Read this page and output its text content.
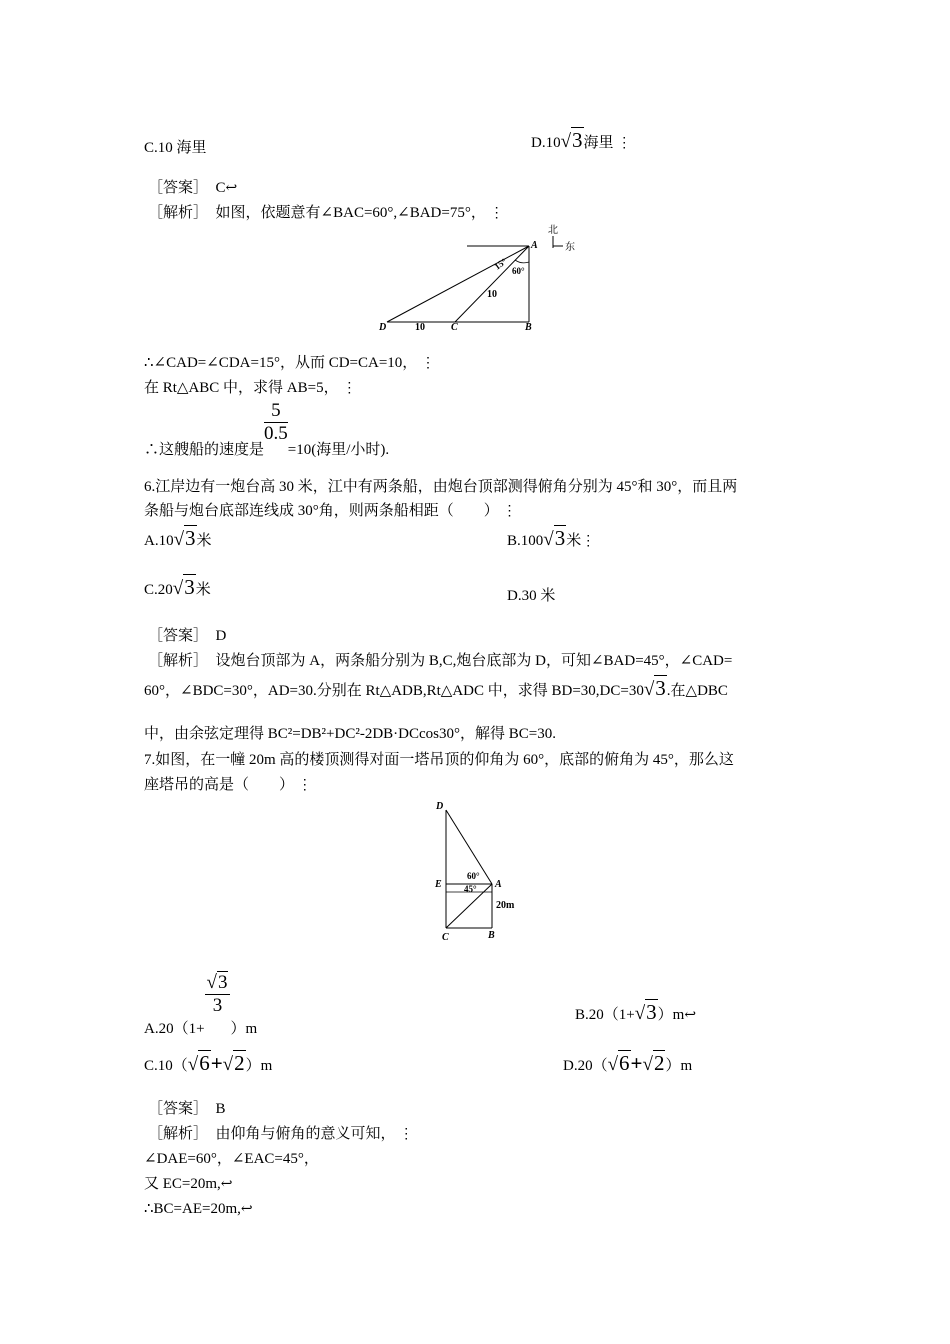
C.10 海里	D.10√3海里 ⋮
［答案］　 C↩
［解析］　 如图，依题意有∠BAC=60°,∠BAD=75°， ⋮
北
东
A
B
C
D
15° 60°
10
10
∴∠CAD=∠CDA=15°，从而 CD=CA=10， ⋮
在 Rt△ABC 中，求得 AB=5， ⋮
∴这艘船的速度是
$\frac{5}{0.5}$
=10(海里/小时).
6.江岸边有一炮台高 30 米，江中有两条船，由炮台顶部测得俯角分别为 45°和 30°，而且两
条船与炮台底部连线成 30°角，则两条船相距（　　） ⋮
A.10√3米	B.100√3米⋮
C.20√3米	D.30 米
［答案］　 D
［解析］　 设炮台顶部为 A，两条船分别为 B,C,炮台底部为 D，可知∠BAD=45°，∠CAD=
60°，∠BDC=30°，AD=30.分别在 Rt△ADB,Rt△ADC 中，求得 BD=30,DC=30√3.在△DBC
中，由余弦定理得 BC²=DB²+DC²-2DB·DCcos30°，解得 BC=30.
7.如图，在一幢 20m 高的楼顶测得对面一塔吊顶的仰角为 60°，底部的俯角为 45°，那么这
座塔吊的高是（　　） ⋮
D
E	A
C	B
60°
45°
20m
A.20（1+
$\frac{√3}{3}$
）m
B.20（1+√3）m↩
C.10（√6+√2）m	D.20（√6+√2）m
［答案］　 B
［解析］　 由仰角与俯角的意义可知， ⋮
∠DAE=60°，∠EAC=45°，
又 EC=20m,↩
∴BC=AE=20m,↩
